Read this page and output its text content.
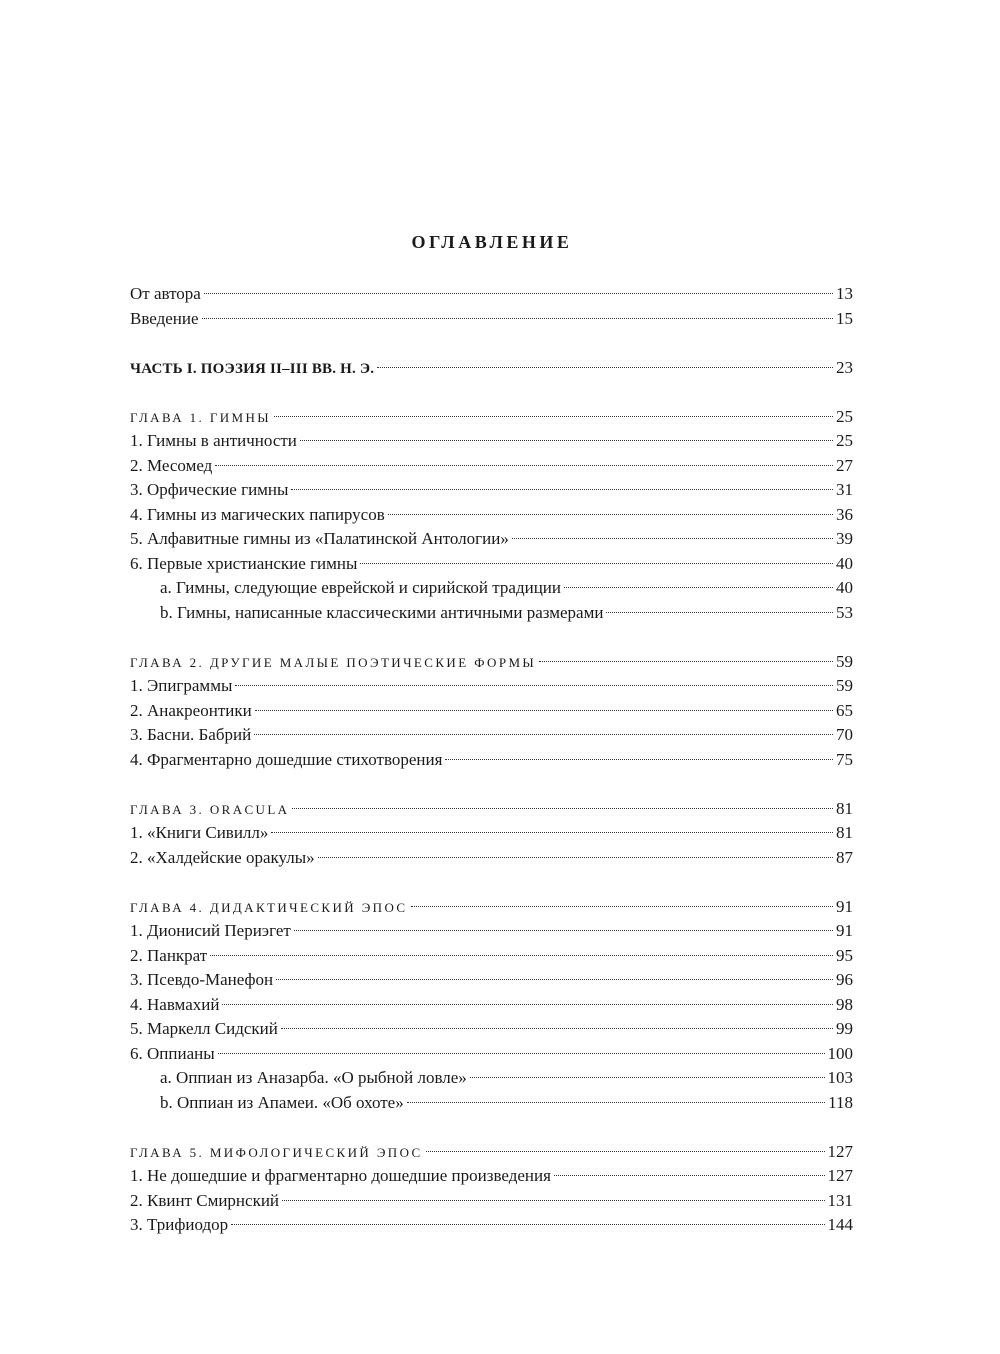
ОГЛАВЛЕНИЕ
От автора	13
Введение	15
ЧАСТЬ I. ПОЭЗИЯ II–III ВВ. Н. Э.	23
ГЛАВА 1. ГИМНЫ	25
1. Гимны в античности	25
2. Месомед	27
3. Орфические гимны	31
4. Гимны из магических папирусов	36
5. Алфавитные гимны из «Палатинской Антологии»	39
6. Первые христианские гимны	40
a. Гимны, следующие еврейской и сирийской традиции	40
b. Гимны, написанные классическими античными размерами	53
ГЛАВА 2. ДРУГИЕ МАЛЫЕ ПОЭТИЧЕСКИЕ ФОРМЫ	59
1. Эпиграммы	59
2. Анакреонтики	65
3. Басни. Бабрий	70
4. Фрагментарно дошедшие стихотворения	75
ГЛАВА 3. ORACULA	81
1. «Книги Сивилл»	81
2. «Халдейские оракулы»	87
ГЛАВА 4. ДИДАКТИЧЕСКИЙ ЭПОС	91
1. Дионисий Периэгет	91
2. Панкрат	95
3. Псевдо-Манефон	96
4. Навмахий	98
5. Маркелл Сидский	99
6. Оппианы	100
a. Оппиан из Аназарба. «О рыбной ловле»	103
b. Оппиан из Апамеи. «Об охоте»	118
ГЛАВА 5. МИФОЛОГИЧЕСКИЙ ЭПОС	127
1. Не дошедшие и фрагментарно дошедшие произведения	127
2. Квинт Смирнский	131
3. Трифиодор	144
